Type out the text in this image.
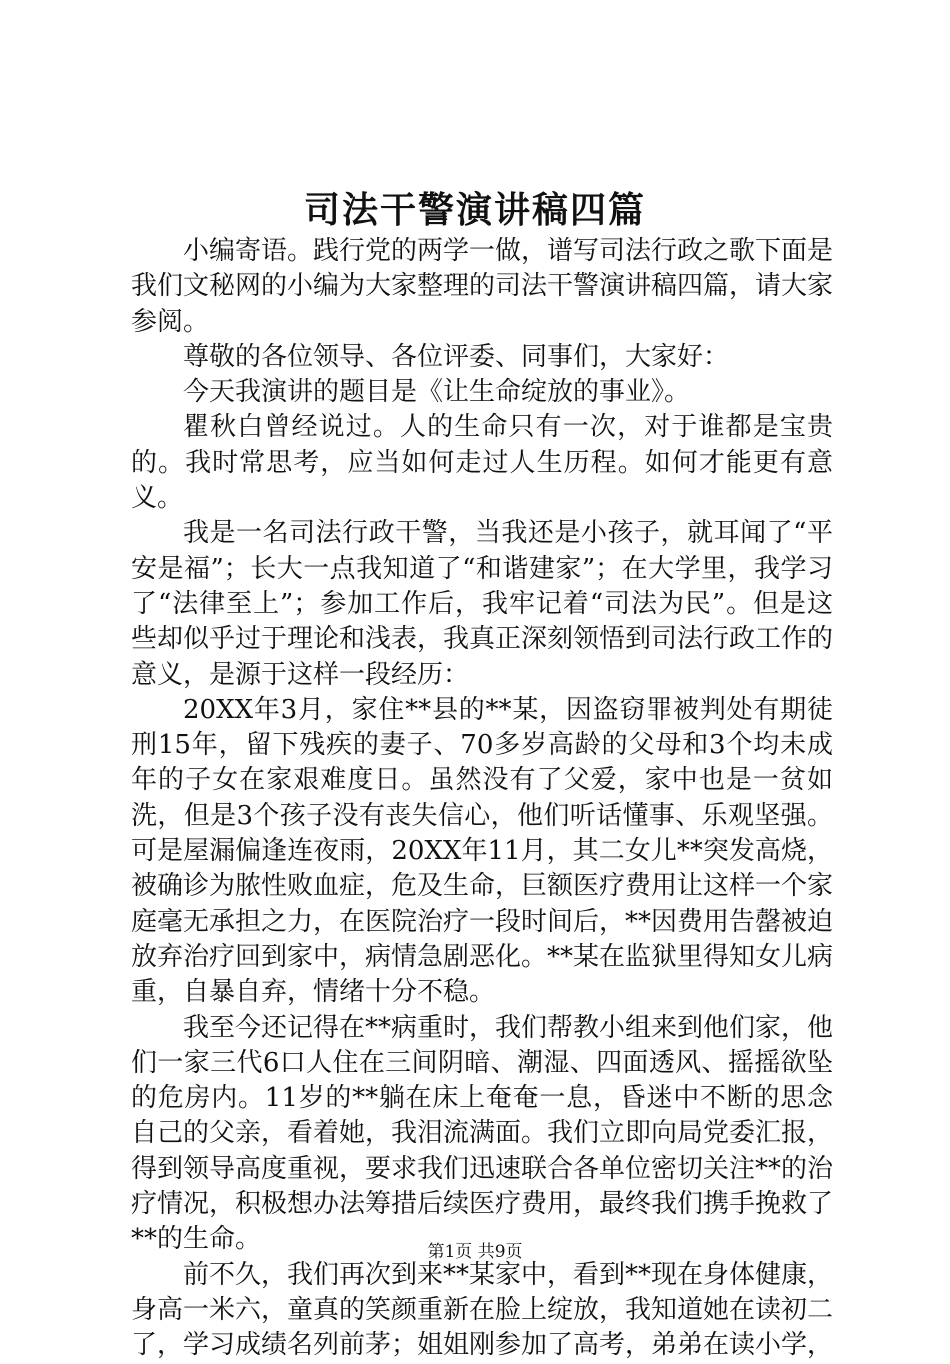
司法干警演讲稿四篇

小编寄语。践行党的两学一做，谱写司法行政之歌下面是我们文秘网的小编为大家整理的司法干警演讲稿四篇，请大家参阅。

尊敬的各位领导、各位评委、同事们，大家好：

今天我演讲的题目是《让生命绽放的事业》。

瞿秋白曾经说过。人的生命只有一次，对于谁都是宝贵的。我时常思考，应当如何走过人生历程。如何才能更有意义。

我是一名司法行政干警，当我还是小孩子，就耳闻了“平安是福”；长大一点我知道了“和谐建家”；在大学里，我学习了“法律至上”；参加工作后，我牢记着“司法为民”。但是这些却似乎过于理论和浅表，我真正深刻领悟到司法行政工作的意义，是源于这样一段经历：

20XX年3月，家住**县的**某，因盗窃罪被判处有期徒刑15年，留下残疾的妻子、70多岁高龄的父母和3个均未成年的子女在家艰难度日。虽然没有了父爱，家中也是一贫如洗，但是3个孩子没有丧失信心，他们听话懂事、乐观坚强。可是屋漏偏逢连夜雨，20XX年11月，其二女儿**突发高烧，被确诊为脓性败血症，危及生命，巨额医疗费用让这样一个家庭毫无承担之力，在医院治疗一段时间后，**因费用告罄被迫放弃治疗回到家中，病情急剧恶化。**某在监狱里得知女儿病重，自暴自弃，情绪十分不稳。

我至今还记得在**病重时，我们帮教小组来到他们家，他们一家三代6口人住在三间阴暗、潮湿、四面透风、摇摇欲坠的危房内。11岁的**躺在床上奄奄一息，昏迷中不断的思念自己的父亲，看着她，我泪流满面。我们立即向局党委汇报，得到领导高度重视，要求我们迅速联合各单位密切关注**的治疗情况，积极想办法筹措后续医疗费用，最终我们携手挽救了**的生命。

前不久，我们再次到来**某家中，看到**现在身体健康，身高一米六，童真的笑颜重新在脸上绽放，我知道她在读初二了，学习成绩名列前茅；姐姐刚参加了高考，弟弟在读小学，

第1页 共9页
